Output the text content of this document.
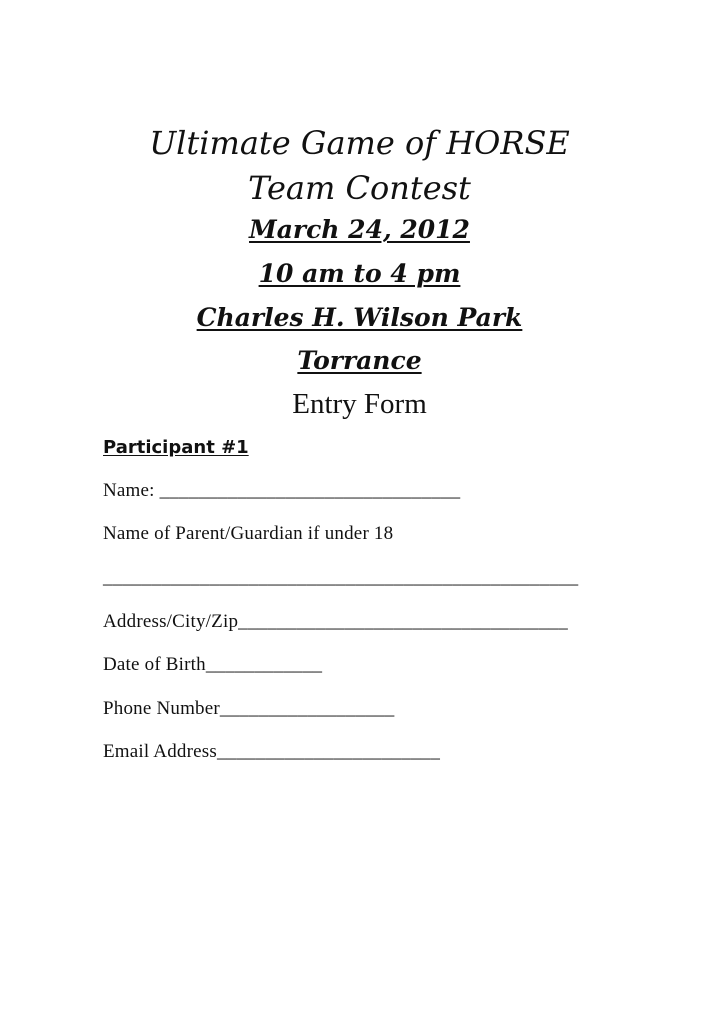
Ultimate Game of HORSE
Team Contest
March 24, 2012
10 am to 4 pm
Charles H. Wilson Park
Torrance
Entry Form
Participant #1
Name: _______________________________
Name of Parent/Guardian if under 18
_________________________________________________
Address/City/Zip__________________________________
Date of Birth____________
Phone Number__________________
Email Address_______________________
